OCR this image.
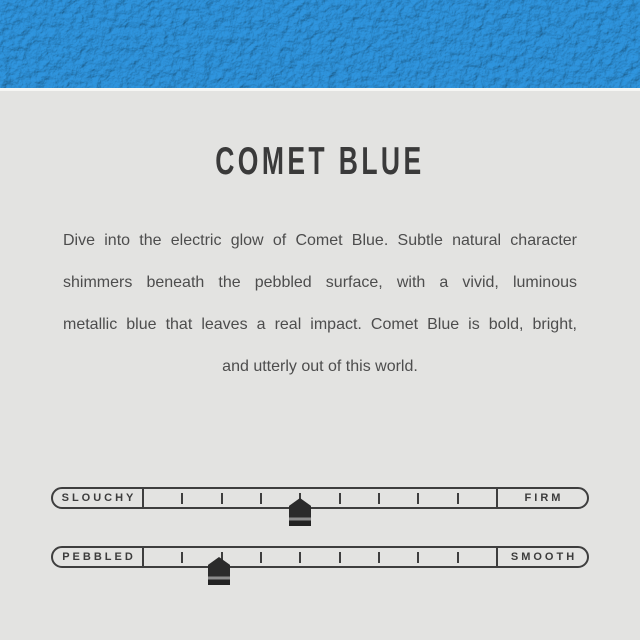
COMET BLUE
Dive into the electric glow of Comet Blue. Subtle natural character
shimmers beneath the pebbled surface, with a vivid, luminous
metallic blue that leaves a real impact. Comet Blue is bold, bright,
and utterly out of this world.
SLOUCHY	FIRM
PEBBLED	SMOOTH
